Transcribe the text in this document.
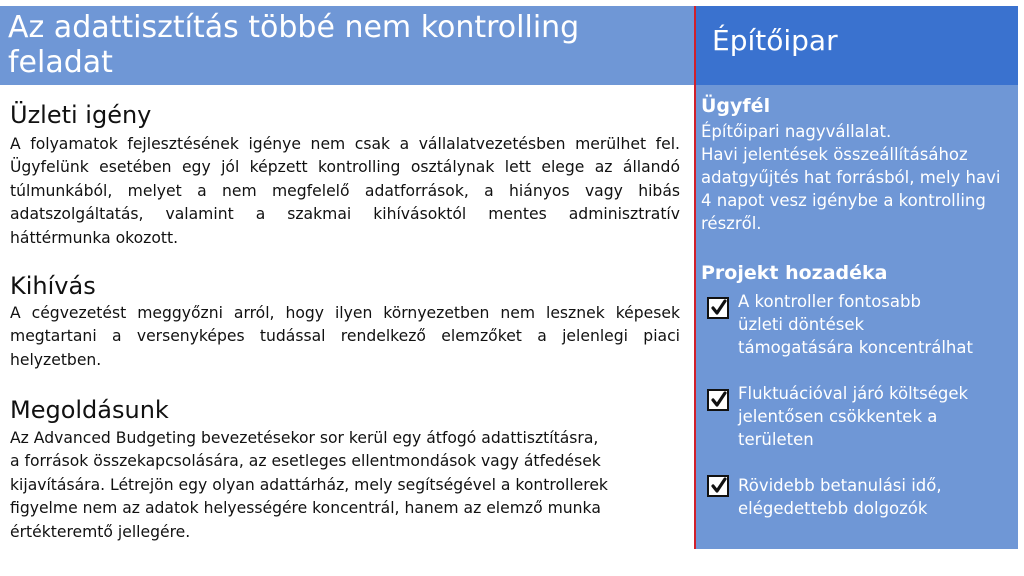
Az adattisztítás többé nem kontrolling feladat
Építőipar
Ügyfél
Építőipari nagyvállalat.
Havi jelentések összeállításához adatgyűjtés hat forrásból, mely havi 4 napot vesz igénybe a kontrolling részről.
Projekt hozadéka
A kontroller fontosabb
üzleti döntések
támogatására koncentrálhat
Fluktuációval járó költségek
jelentősen csökkentek a
területen
Rövidebb betanulási idő,
elégedettebb dolgozók
Üzleti igény
A folyamatok fejlesztésének igénye nem csak a vállalatvezetésben merülhet fel. Ügyfelünk esetében egy jól képzett kontrolling osztálynak lett elege az állandó túlmunkából, melyet a nem megfelelő adatforrások, a hiányos vagy hibás adatszolgáltatás, valamint a szakmai kihívásoktól mentes adminisztratív háttérmunka okozott.
Kihívás
A cégvezetést meggyőzni arról, hogy ilyen környezetben nem lesznek képesek megtartani a versenyképes tudással rendelkező elemzőket a jelenlegi piaci helyzetben.
Megoldásunk
Az Advanced Budgeting bevezetésekor sor kerül egy átfogó adattisztításra,
a források összekapcsolására, az esetleges ellentmondások vagy átfedések kijavítására. Létrejön egy olyan adattárház, mely segítségével a kontrollerek figyelme nem az adatok helyességére koncentrál, hanem az elemző munka értékteremtő jellegére.
